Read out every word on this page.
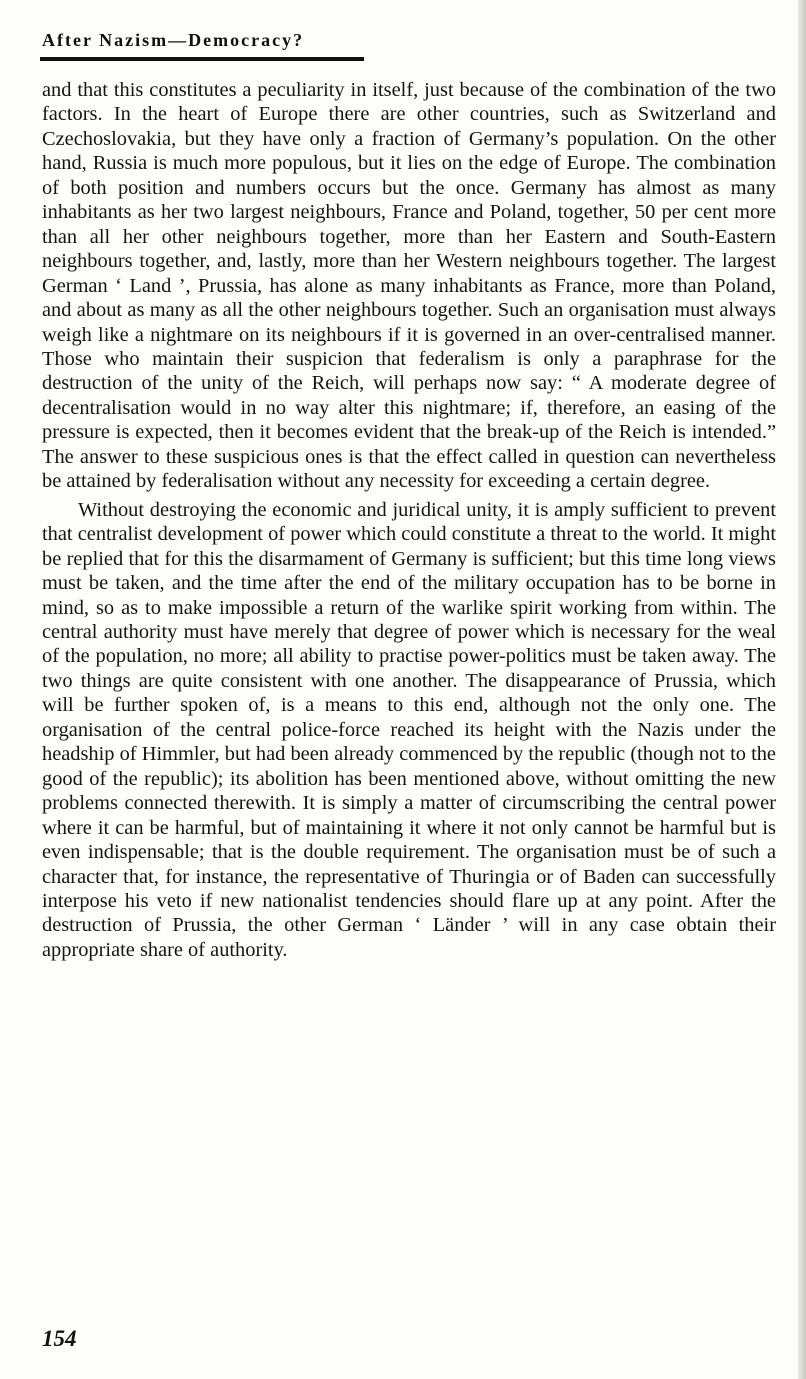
After Nazism—Democracy?

and that this constitutes a peculiarity in itself, just because of the combination of the two factors. In the heart of Europe there are other countries, such as Switzerland and Czechoslovakia, but they have only a fraction of Germany’s population. On the other hand, Russia is much more populous, but it lies on the edge of Europe. The combination of both position and numbers occurs but the once. Germany has almost as many inhabitants as her two largest neighbours, France and Poland, together, 50 per cent more than all her other neighbours together, more than her Eastern and South-Eastern neighbours together, and, lastly, more than her Western neighbours together. The largest German ‘ Land ’, Prussia, has alone as many inhabitants as France, more than Poland, and about as many as all the other neighbours together. Such an organisation must always weigh like a nightmare on its neighbours if it is governed in an over-centralised manner. Those who maintain their suspicion that federalism is only a paraphrase for the destruction of the unity of the Reich, will perhaps now say: “ A moderate degree of decentralisation would in no way alter this nightmare; if, therefore, an easing of the pressure is expected, then it becomes evident that the break-up of the Reich is intended.” The answer to these suspicious ones is that the effect called in question can nevertheless be attained by federalisation without any necessity for exceeding a certain degree.

Without destroying the economic and juridical unity, it is amply sufficient to prevent that centralist development of power which could constitute a threat to the world. It might be replied that for this the disarmament of Germany is sufficient; but this time long views must be taken, and the time after the end of the military occupation has to be borne in mind, so as to make impossible a return of the warlike spirit working from within. The central authority must have merely that degree of power which is necessary for the weal of the population, no more; all ability to practise power-politics must be taken away. The two things are quite consistent with one another. The disappearance of Prussia, which will be further spoken of, is a means to this end, although not the only one. The organisation of the central police-force reached its height with the Nazis under the headship of Himmler, but had been already commenced by the republic (though not to the good of the republic); its abolition has been mentioned above, without omitting the new problems connected therewith. It is simply a matter of circumscribing the central power where it can be harmful, but of maintaining it where it not only cannot be harmful but is even indispensable; that is the double requirement. The organisation must be of such a character that, for instance, the representative of Thuringia or of Baden can successfully interpose his veto if new nationalist tendencies should flare up at any point. After the destruction of Prussia, the other German ‘ Länder ’ will in any case obtain their appropriate share of authority.

154
